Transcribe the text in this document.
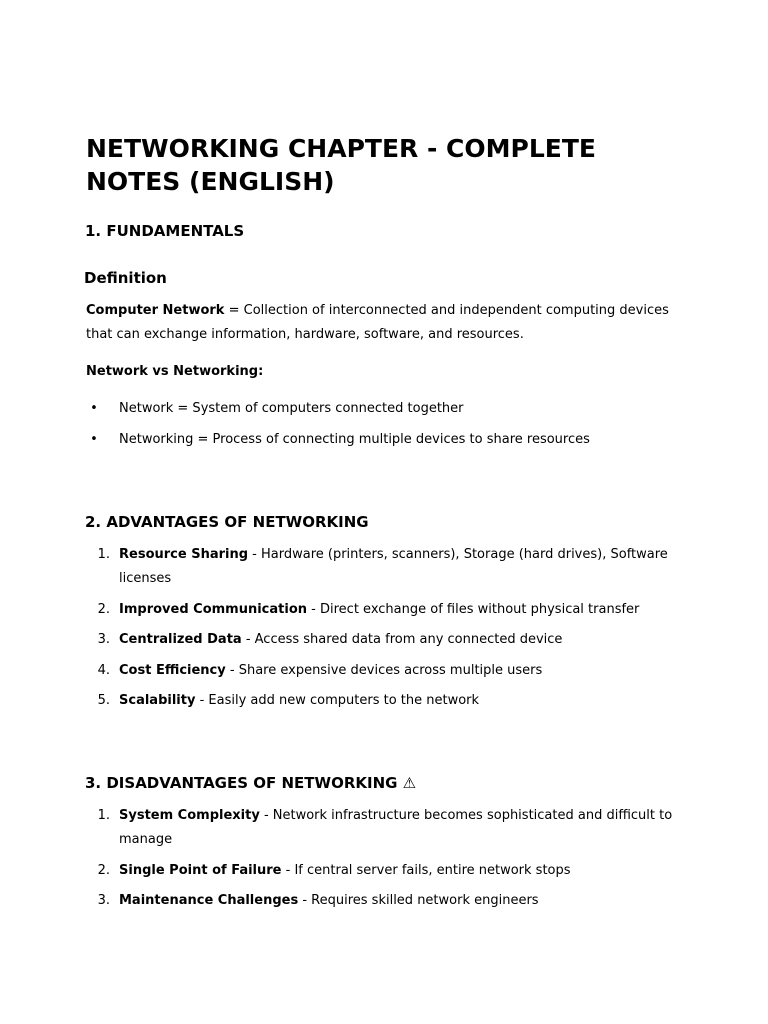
NETWORKING CHAPTER - COMPLETE NOTES (ENGLISH)
1. FUNDAMENTALS
Definition

Computer Network = Collection of interconnected and independent computing devices that can exchange information, hardware, software, and resources.

Network vs Networking:

•	Network = System of computers connected together
•	Networking = Process of connecting multiple devices to share resources
2. ADVANTAGES OF NETWORKING
1. Resource Sharing - Hardware (printers, scanners), Storage (hard drives), Software licenses
2. Improved Communication - Direct exchange of files without physical transfer
3. Centralized Data - Access shared data from any connected device
4. Cost Efficiency - Share expensive devices across multiple users
5. Scalability - Easily add new computers to the network
3. DISADVANTAGES OF NETWORKING ⚠
1. System Complexity - Network infrastructure becomes sophisticated and difficult to manage
2. Single Point of Failure - If central server fails, entire network stops
3. Maintenance Challenges - Requires skilled network engineers
